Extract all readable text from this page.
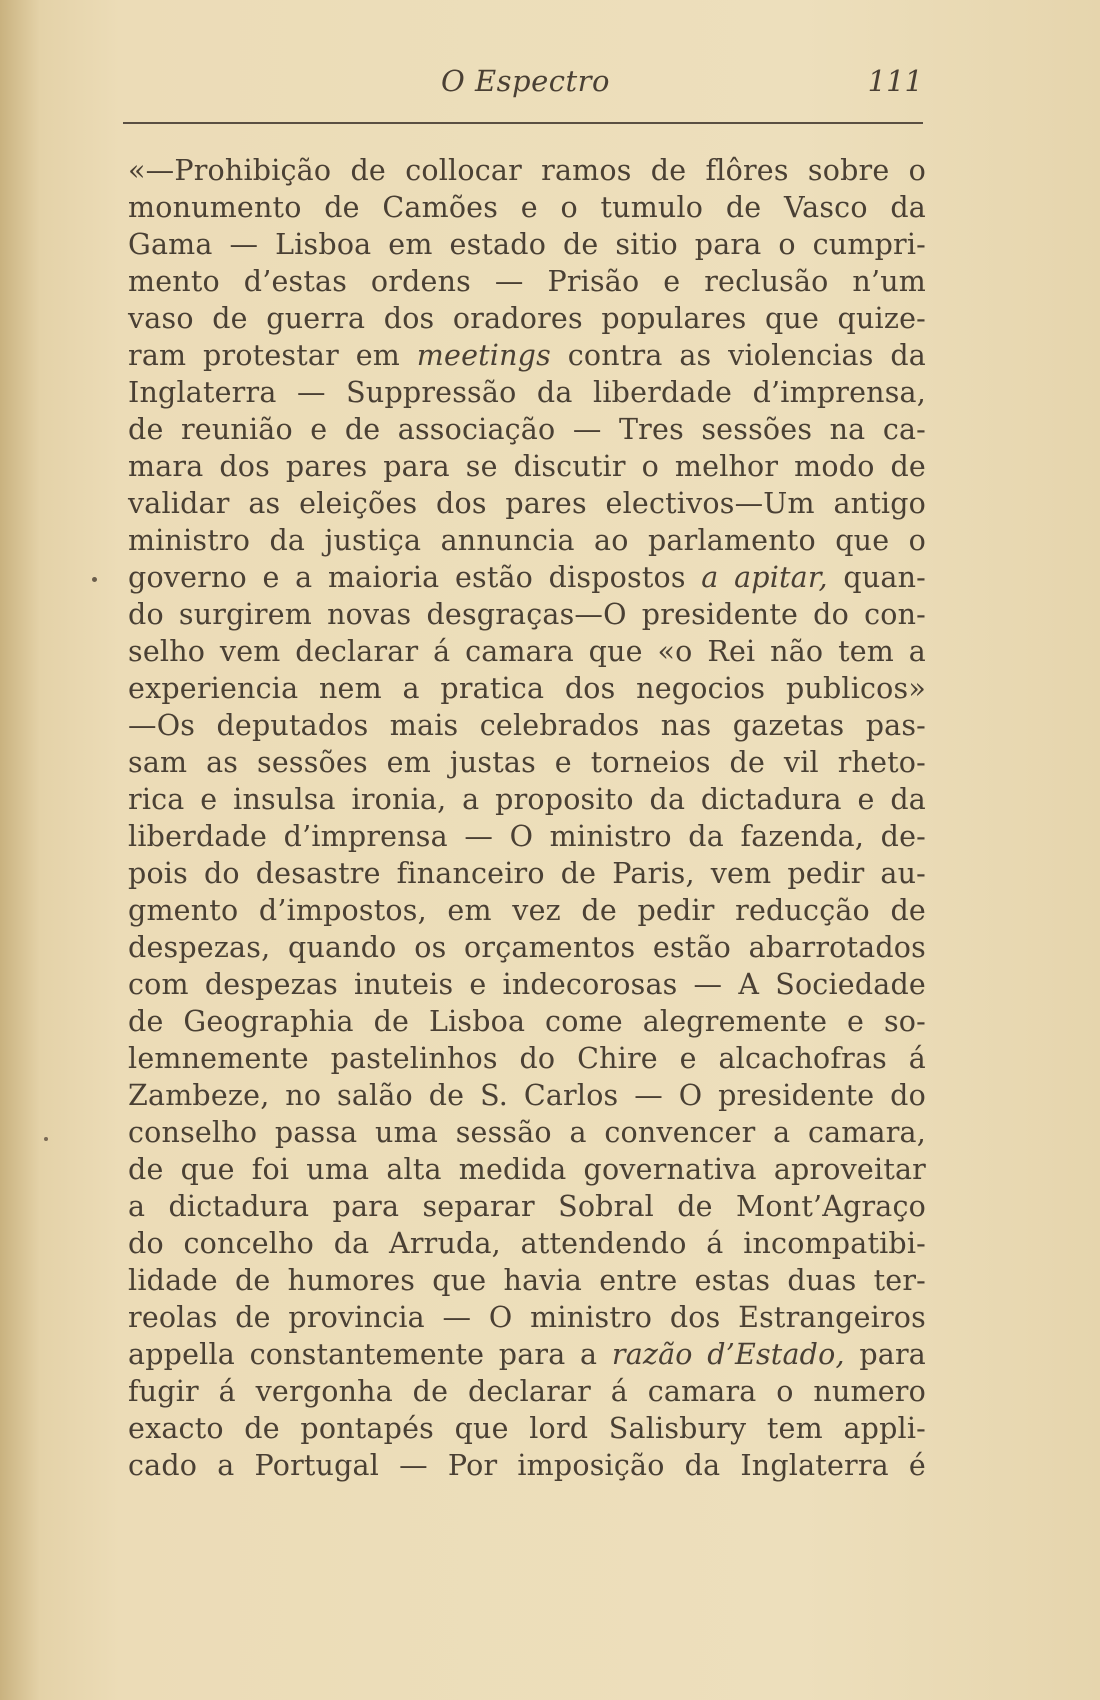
O Espectro	111
«—Prohibição de collocar ramos de flôres sobre o
monumento de Camões e o tumulo de Vasco da
Gama — Lisboa em estado de sitio para o cumpri-
mento d’estas ordens — Prisão e reclusão n’um
vaso de guerra dos oradores populares que quize-
ram protestar em meetings contra as violencias da
Inglaterra — Suppressão da liberdade d’imprensa,
de reunião e de associação — Tres sessões na ca-
mara dos pares para se discutir o melhor modo de
validar as eleições dos pares electivos—Um antigo
ministro da justiça annuncia ao parlamento que o
governo e a maioria estão dispostos a apitar, quan-
do surgirem novas desgraças—O presidente do con-
selho vem declarar á camara que «o Rei não tem a
experiencia nem a pratica dos negocios publicos»
—Os deputados mais celebrados nas gazetas pas-
sam as sessões em justas e torneios de vil rheto-
rica e insulsa ironia, a proposito da dictadura e da
liberdade d’imprensa — O ministro da fazenda, de-
pois do desastre financeiro de Paris, vem pedir au-
gmento d’impostos, em vez de pedir reducção de
despezas, quando os orçamentos estão abarrotados
com despezas inuteis e indecorosas — A Sociedade
de Geographia de Lisboa come alegremente e so-
lemnemente pastelinhos do Chire e alcachofras á
Zambeze, no salão de S. Carlos — O presidente do
conselho passa uma sessão a convencer a camara,
de que foi uma alta medida governativa aproveitar
a dictadura para separar Sobral de Mont’Agraço
do concelho da Arruda, attendendo á incompatibi-
lidade de humores que havia entre estas duas ter-
reolas de provincia — O ministro dos Estrangeiros
appella constantemente para a razão d’Estado, para
fugir á vergonha de declarar á camara o numero
exacto de pontapés que lord Salisbury tem appli-
cado a Portugal — Por imposição da Inglaterra é
